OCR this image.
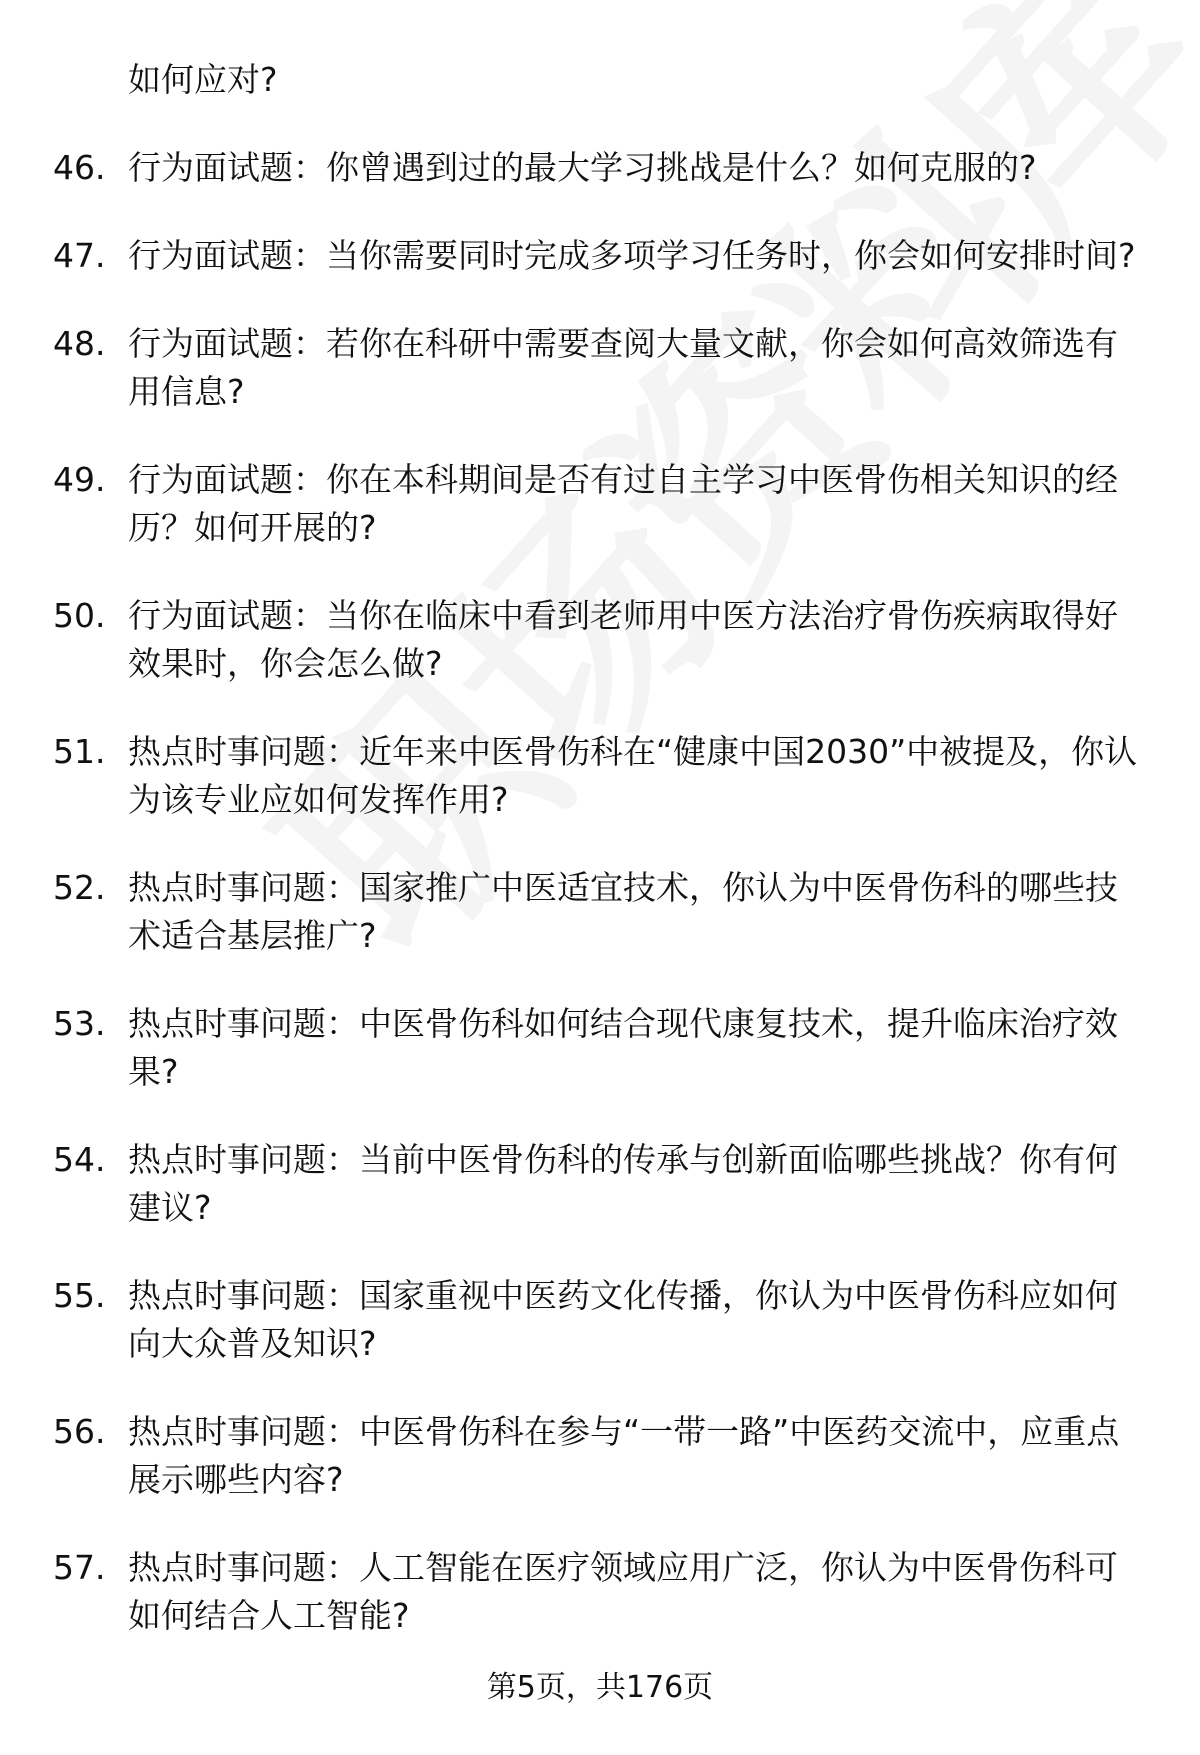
如何应对?
46. 行为面试题：你曾遇到过的最大学习挑战是什么？如何克服的?
47. 行为面试题：当你需要同时完成多项学习任务时，你会如何安排时间?
48. 行为面试题：若你在科研中需要查阅大量文献，你会如何高效筛选有用信息?
49. 行为面试题：你在本科期间是否有过自主学习中医骨伤相关知识的经历？如何开展的?
50. 行为面试题：当你在临床中看到老师用中医方法治疗骨伤疾病取得好效果时，你会怎么做?
51. 热点时事问题：近年来中医骨伤科在“健康中国2030”中被提及，你认为该专业应如何发挥作用?
52. 热点时事问题：国家推广中医适宜技术，你认为中医骨伤科的哪些技术适合基层推广?
53. 热点时事问题：中医骨伤科如何结合现代康复技术，提升临床治疗效果?
54. 热点时事问题：当前中医骨伤科的传承与创新面临哪些挑战？你有何建议?
55. 热点时事问题：国家重视中医药文化传播，你认为中医骨伤科应如何向大众普及知识?
56. 热点时事问题：中医骨伤科在参与“一带一路”中医药交流中，应重点展示哪些内容?
57. 热点时事问题：人工智能在医疗领域应用广泛，你认为中医骨伤科可如何结合人工智能?
第5页，共176页
